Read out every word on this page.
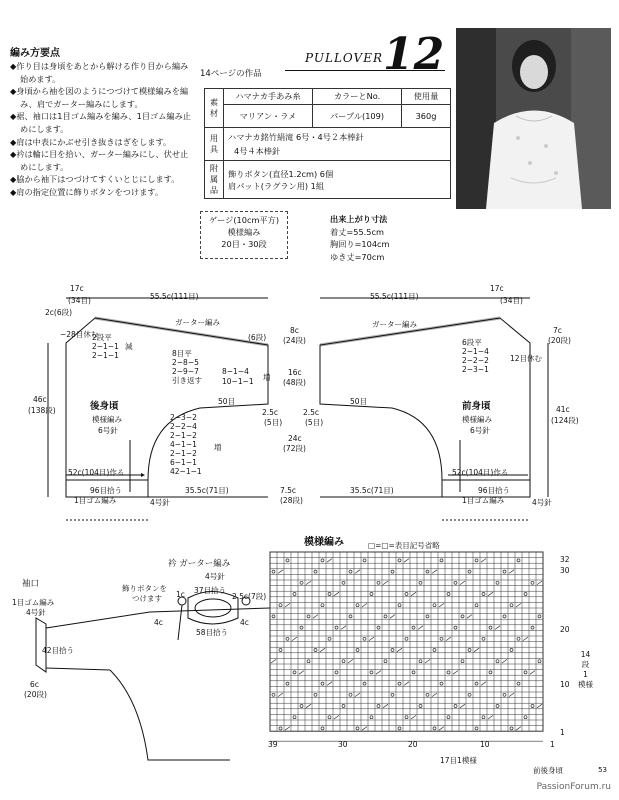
編み方要点
◆作り目は身頃をあとから解ける作り目から編み始めます。
◆身頃から袖を図のようにつづけて模様編みを編み、肩でガーター編みにします。
◆裾、袖口は1目ゴム編みを編み、1目ゴム編み止めにします。
◆肩は中表にかぶせ引き抜きはぎをします。
◆衿は輪に目を拾い、ガーター編みにし、伏せ止めにします。
◆脇から袖下はつづけてすくいとじにします。
◆肩の指定位置に飾りボタンをつけます。
14ページの作品
PULLOVER 12
素
材	ハマナカ手あみ糸	カラーとNo.	使用量
	マリアン・ラメ	パープル(109)	360g
用 具	ハマナカ銘竹絹滝 6号・4号２本棒針
4号４本棒針		

附属品	飾りボタン(直径1.2cm) 6個
肩パット(ラグラン用) 1組		
ゲージ(10cm平方)
模様編み
20目・30段
出来上がり寸法
着丈=55.5cm
胸回り=104cm
ゆき丈=70cm
17c
(34目)	55.5c(111目)
2c(6段)
−28目休む
2段平
2−1−1
2−1−1
減
ガーター編み
(6段)
8c
(24段)
8目平
2−8−5
2−9−7
引き返す
8−1−4
10−1−1 増
16c
(48段)
50目
2.5c
(5目)
後身頃
模様編み
6号針
46c
(138段)
2−3−2
2−2−4
2−1−2
4−1−1
2−1−2
6−1−1
42−1−1
増
24c
(72段)
52c(104目)作る
35.5c(71目)	7.5c
(28段)
96目拾う
1目ゴム編み	4号針
17c
(34目)
55.5c(111目)
ガーター編み
6段平
2−1−4
2−2−2
2−3−1
12目休む
7c
(20段)
50目
2.5c
(5目)
前身頃
模様編み
6号針
41c
(124段)
52c(104目)作る
35.5c(71目)	96目拾う
1目ゴム編み	4号針
衿 ガーター編み
4号針
飾りボタンを
つけます 1c 37目拾う
2.5c(7段)
4c	4c
58目拾う
袖口
1目ゴム編み
4号針
42目拾う
6c
(20段)
模様編み	□=□=表目記号省略
32
30
20
10
1
14
段
1
模様
39	30	20	10	1
17目1模様
前後身頃	53
PassionForum.ru
